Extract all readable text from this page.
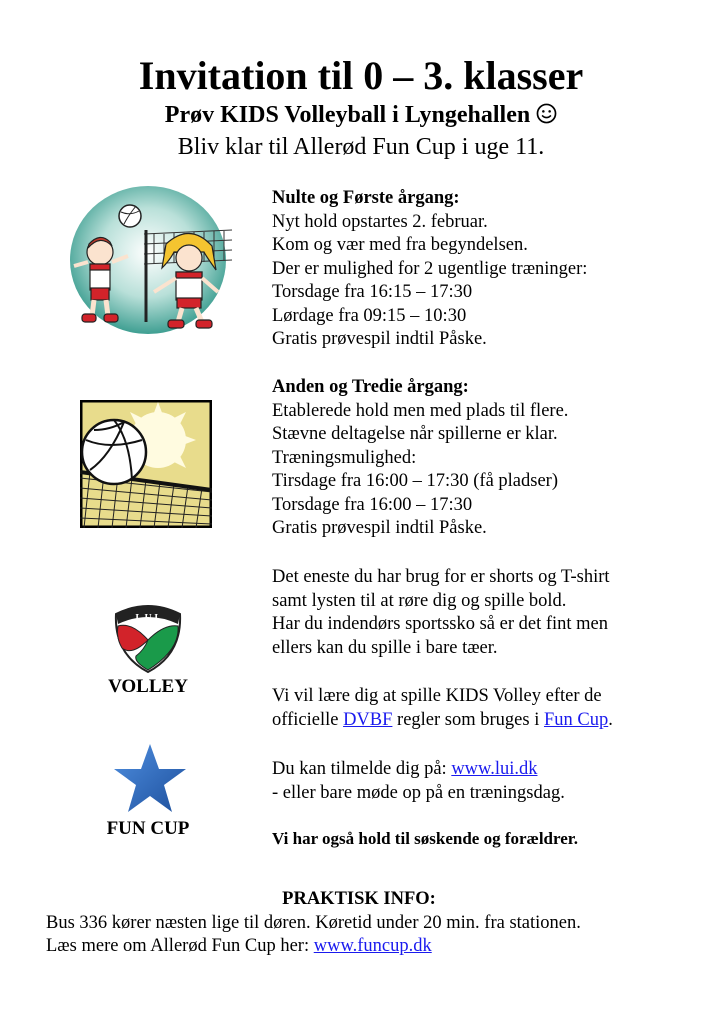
Invitation til 0 – 3. klasser
Prøv KIDS Volleyball i Lyngehallen
Bliv klar til Allerød Fun Cup i uge 11.

Nulte og Første årgang:

Nyt hold opstartes 2. februar.

Kom og vær med fra begyndelsen.

Der er mulighed for 2 ugentlige træninger:

Torsdage fra 16:15 – 17:30

Lørdage fra 09:15 – 10:30

Gratis prøvespil indtil Påske.

Anden og Tredie årgang:

Etablerede hold men med plads til flere.

Stævne deltagelse når spillerne er klar.

Træningsmulighed:

Tirsdage fra 16:00 – 17:30 (få pladser)

Torsdage fra 16:00 – 17:30

Gratis prøvespil indtil Påske.

Det eneste du har brug for er shorts og T-shirt

samt lysten til at røre dig og spille bold.

Har du indendørs sportssko så er det fint men

ellers kan du spille i bare tæer.

Vi vil lære dig at spille KIDS Volley efter de

officielle DVBF regler som bruges i Fun Cup.

Du kan tilmelde dig på: www.lui.dk

- eller bare møde op på en træningsdag.

Vi har også hold til søskende og forældrer.

L.U.I.
VOLLEY
FUN CUP

PRAKTISK INFO:

Bus 336 kører næsten lige til døren. Køretid under 20 min. fra stationen.

Læs mere om Allerød Fun Cup her: www.funcup.dk
